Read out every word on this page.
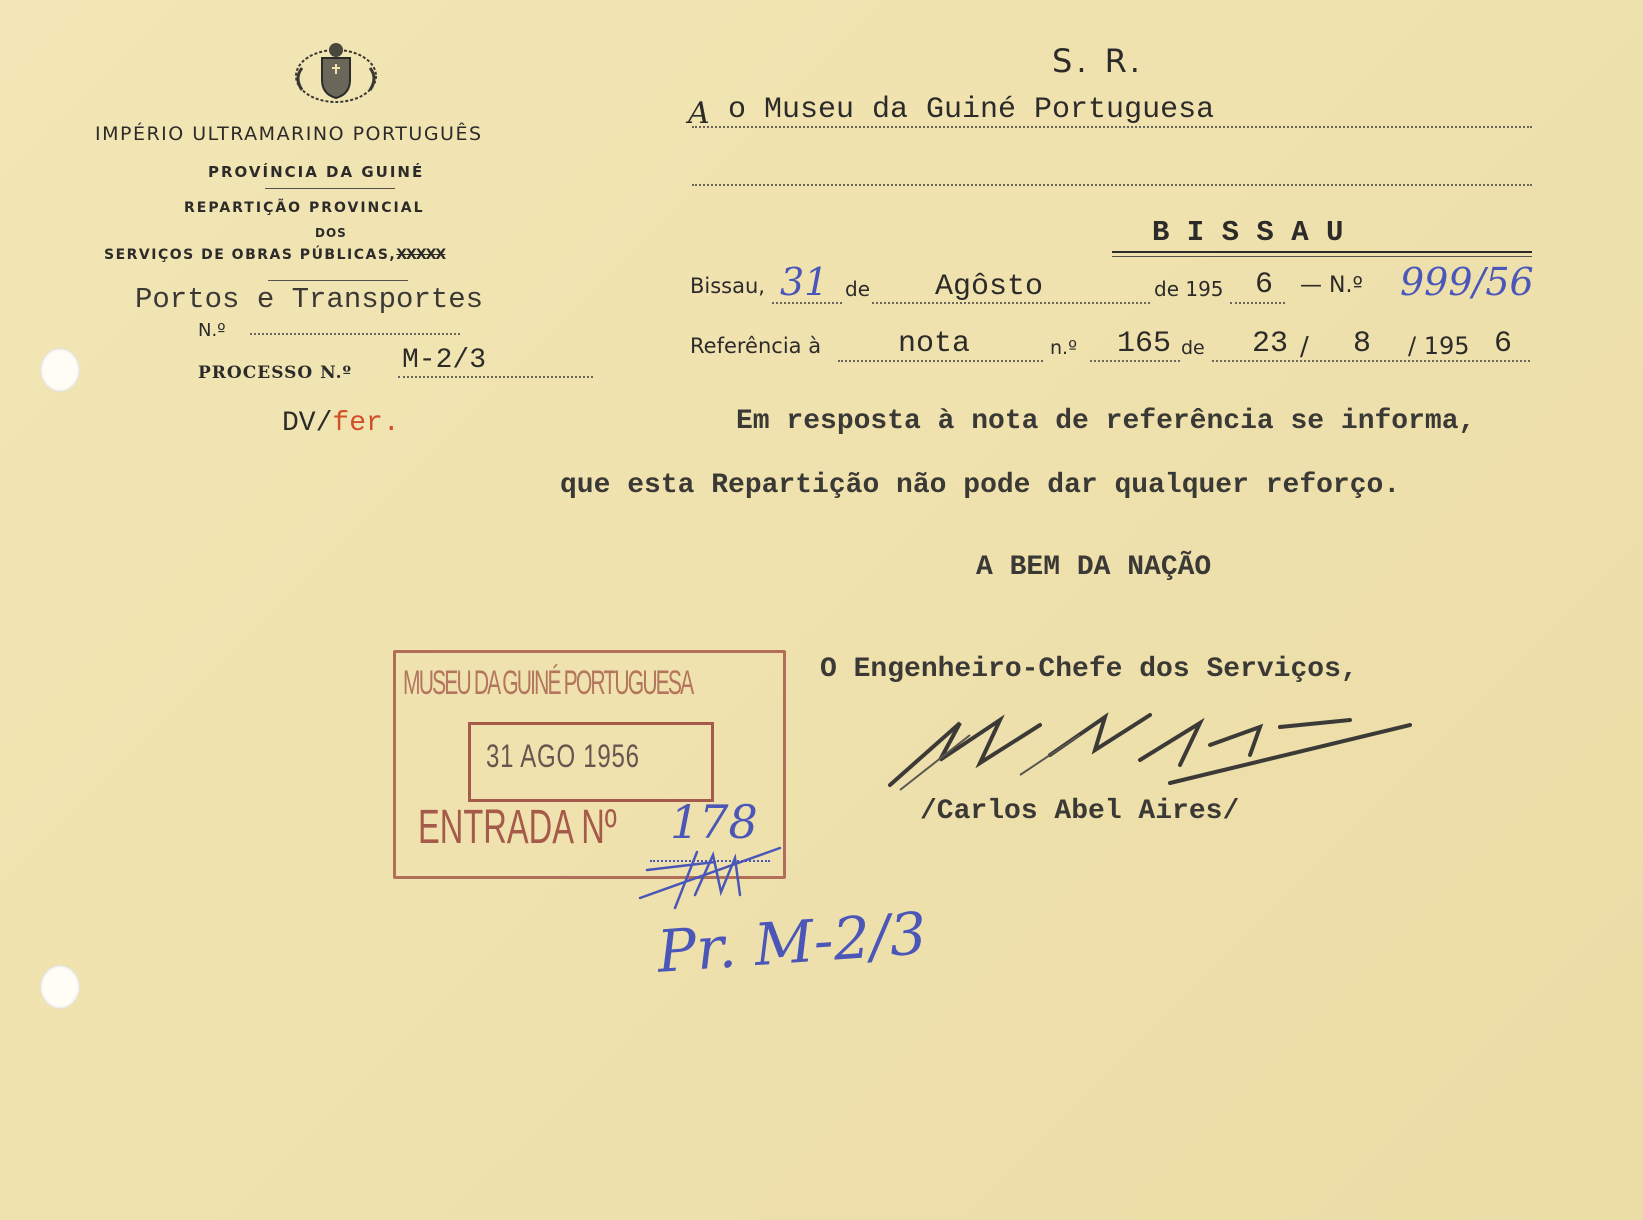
IMPÉRIO ULTRAMARINO PORTUGUÊS
PROVÍNCIA DA GUINÉ
REPARTIÇÃO PROVINCIAL
DOS
SERVIÇOS DE OBRAS PÚBLICAS,XXXXX
Portos e Transportes
N.º
PROCESSO N.º M-2/3
DV/fer.
S. R.
A o Museu da Guiné Portuguesa
B I S S A U
Bissau, 31 de Agôsto	de 195 6 — N.º 999/56
Referência à	nota	n.º 165 de 23 / 8 / 195 6
Em resposta à nota de referência se informa,
que esta Repartição não pode dar qualquer reforço.
A BEM DA NAÇÃO
O Engenheiro-Chefe dos Serviços,
/Carlos Abel Aires/
MUSEU DA GUINÉ PORTUGUESA
31 AGO 1956
ENTRADA Nº 178
Pr. M-2/3
